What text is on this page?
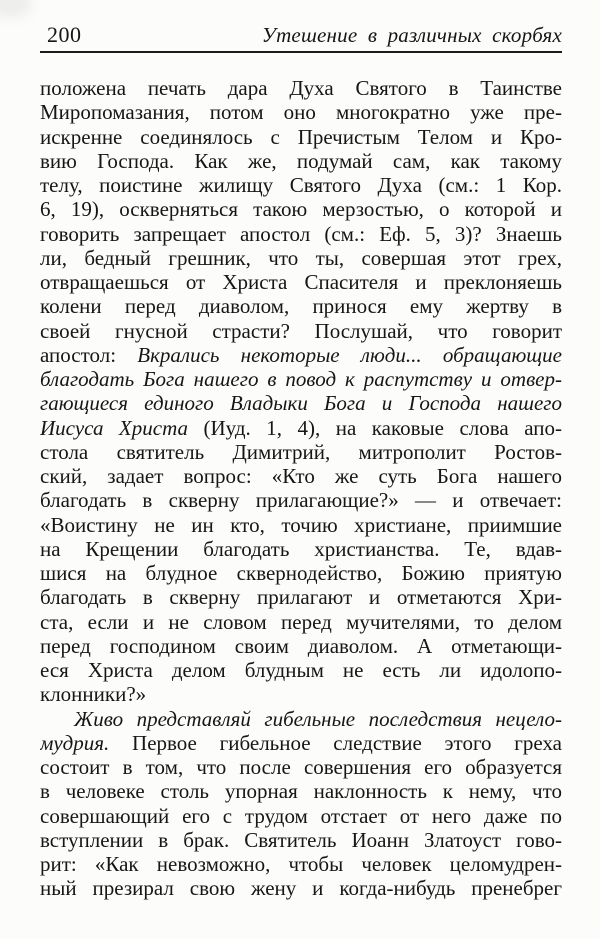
200	Утешение в различных скорбях
положена печать дара Духа Святого в Таинстве
Миропомазания, потом оно многократно уже пре-
искренне соединялось с Пречистым Телом и Кро-
вию Господа. Как же, подумай сам, как такому
телу, поистине жилищу Святого Духа (см.: 1 Кор.
6, 19), оскверняться такою мерзостью, о которой и
говорить запрещает апостол (см.: Еф. 5, 3)? Знаешь
ли, бедный грешник, что ты, совершая этот грех,
отвращаешься от Христа Спасителя и преклоняешь
колени перед диаволом, принося ему жертву в
своей гнусной страсти? Послушай, что говорит
апостол: Вкрались некоторые люди... обращающие
благодать Бога нашего в повод к распутству и отвер-
гающиеся единого Владыки Бога и Господа нашего
Иисуса Христа (Иуд. 1, 4), на каковые слова апо-
стола святитель Димитрий, митрополит Ростов-
ский, задает вопрос: «Кто же суть Бога нашего
благодать в скверну прилагающие?» — и отвечает:
«Воистину не ин кто, точию христиане, приимшие
на Крещении благодать христианства. Те, вдав-
шися на блудное сквернодейство, Божию приятую
благодать в скверну прилагают и отметаются Хри-
ста, если и не словом перед мучителями, то делом
перед господином своим диаволом. А отметающи-
еся Христа делом блудным не есть ли идолопо-
клонники?»
Живо представляй гибельные последствия нецело-
мудрия. Первое гибельное следствие этого греха
состоит в том, что после совершения его образуется
в человеке столь упорная наклонность к нему, что
совершающий его с трудом отстает от него даже по
вступлении в брак. Святитель Иоанн Златоуст гово-
рит: «Как невозможно, чтобы человек целомудрен-
ный презирал свою жену и когда-нибудь пренебрег
